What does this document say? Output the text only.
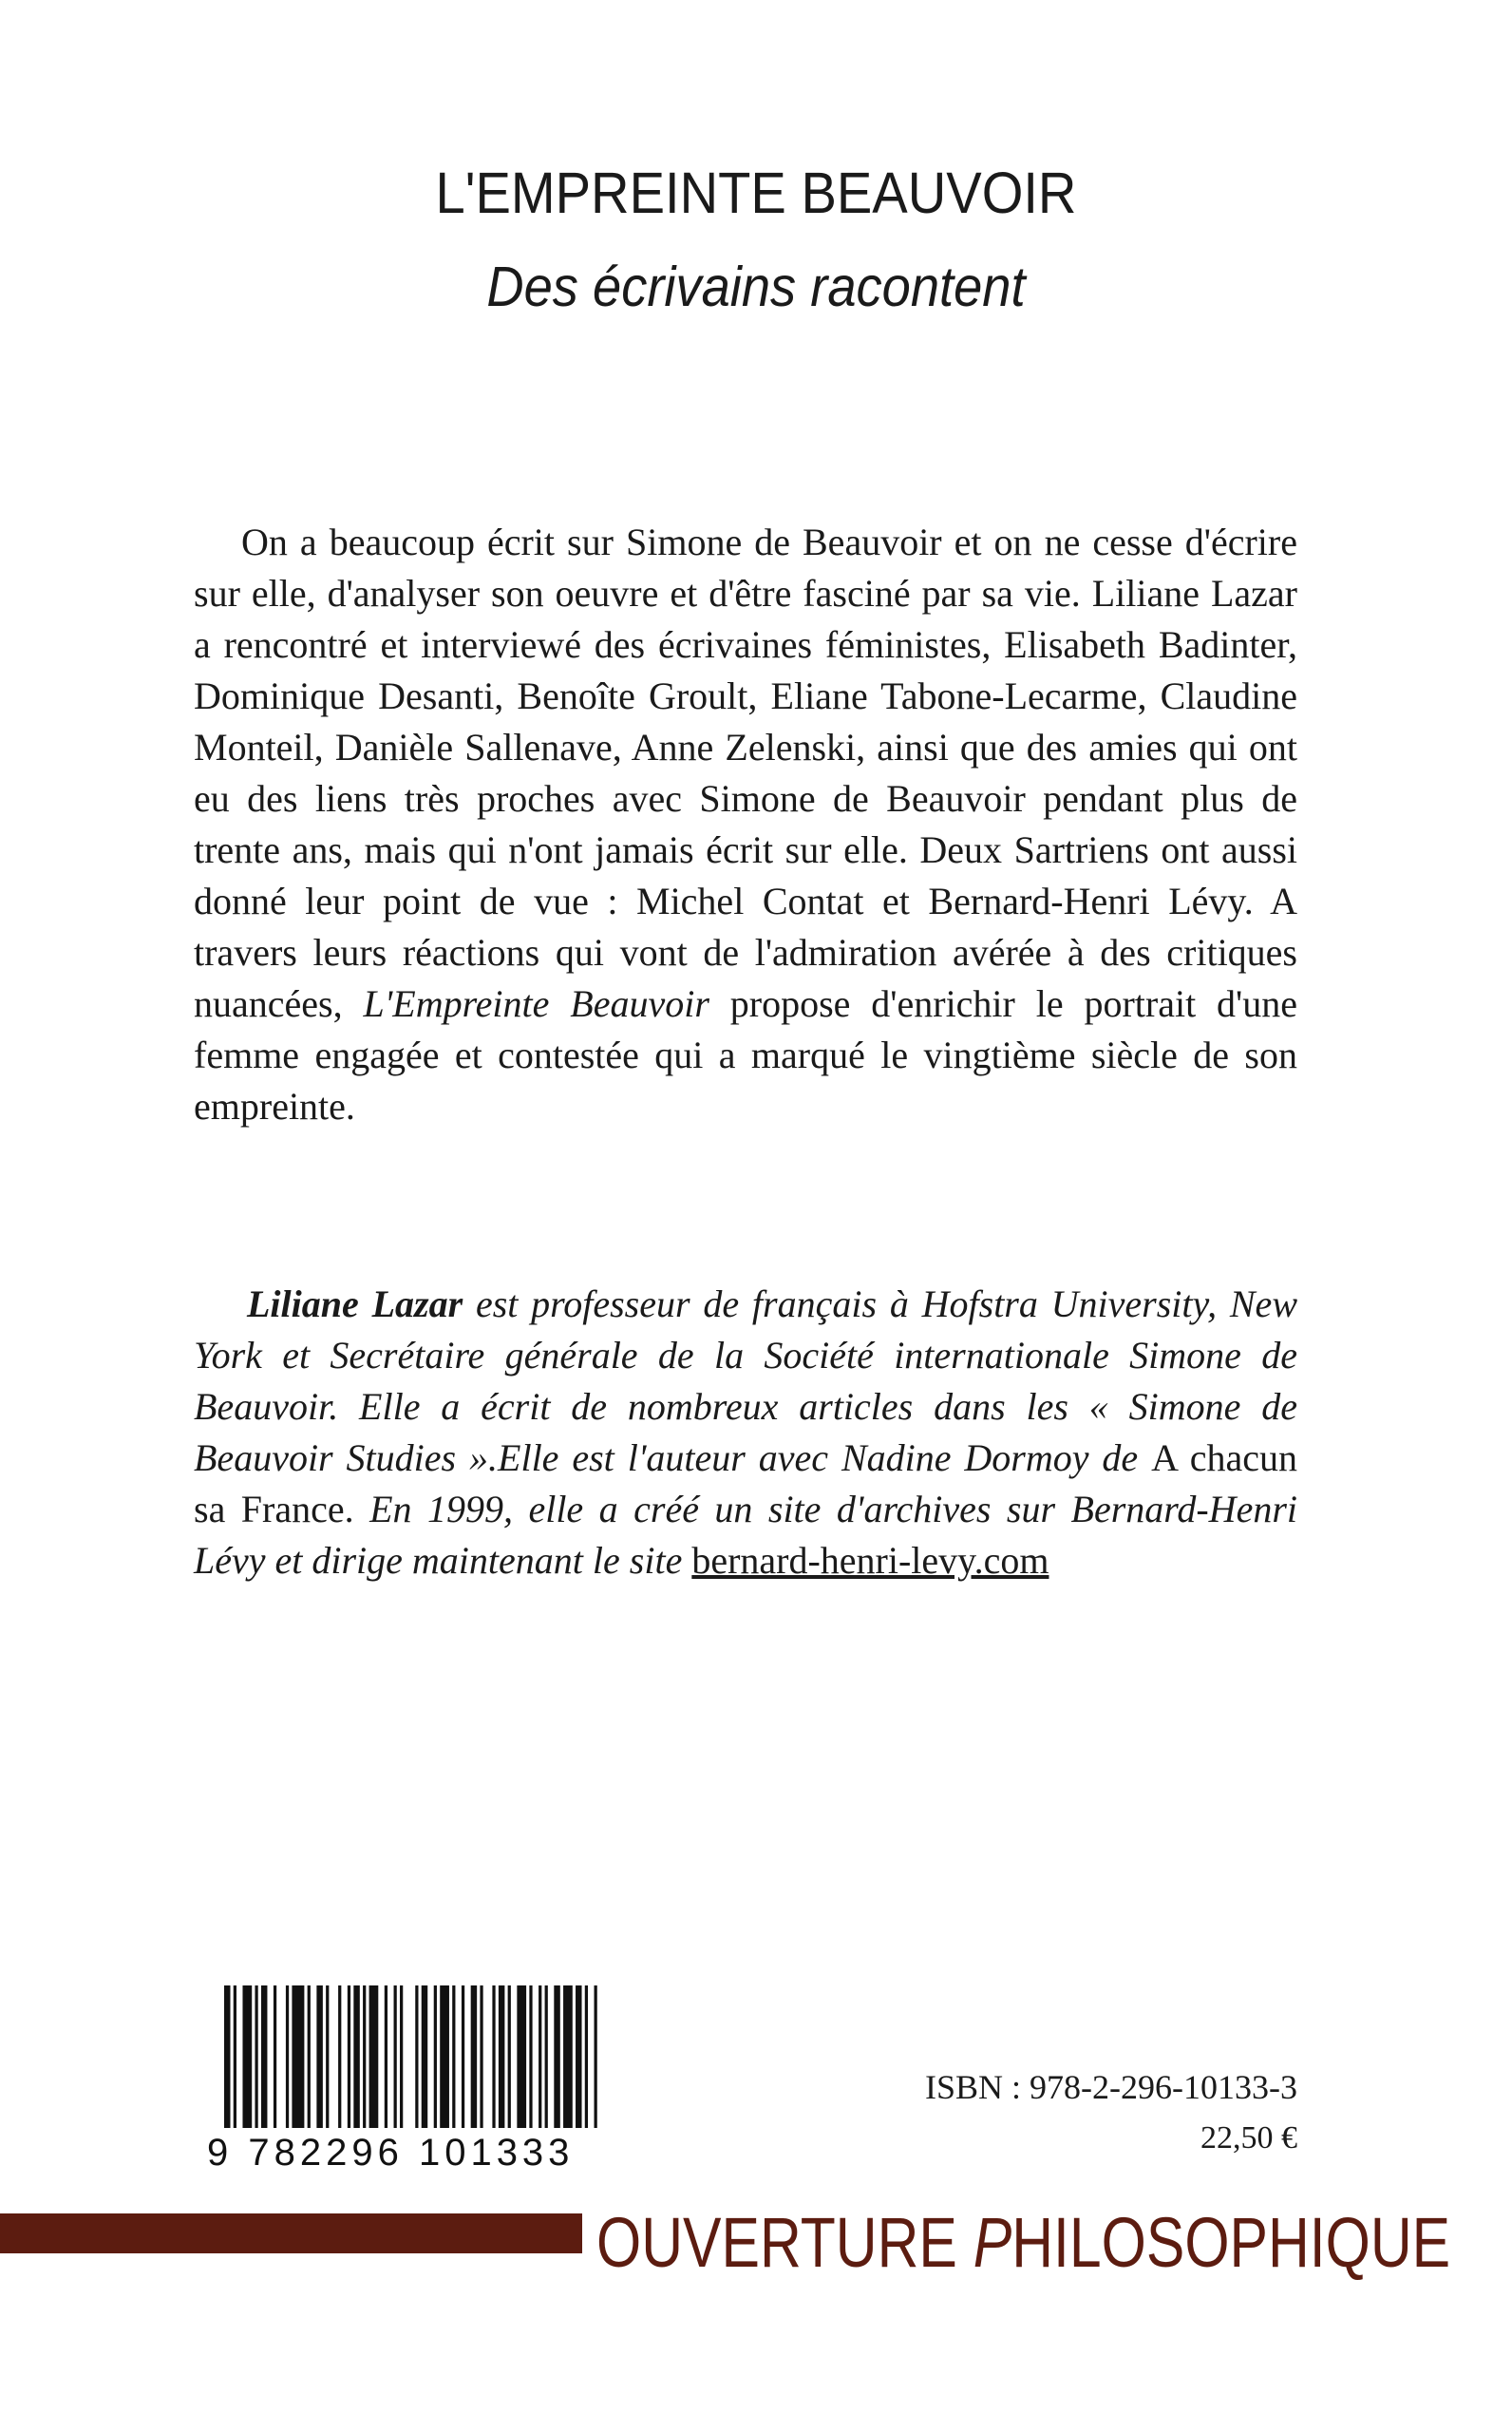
L'EMPREINTE BEAUVOIR
Des écrivains racontent

On a beaucoup écrit sur Simone de Beauvoir et on ne cesse d'écrire sur elle, d'analyser son oeuvre et d'être fasciné par sa vie. Liliane Lazar a rencontré et interviewé des écrivaines féministes, Elisabeth Badinter, Dominique Desanti, Benoîte Groult, Eliane Tabone-Lecarme, Claudine Monteil, Danièle Sallenave, Anne Zelenski, ainsi que des amies qui ont eu des liens très proches avec Simone de Beauvoir pendant plus de trente ans, mais qui n'ont jamais écrit sur elle. Deux Sartriens ont aussi donné leur point de vue : Michel Contat et Bernard-Henri Lévy. A travers leurs réactions qui vont de l'admiration avérée à des critiques nuancées, L'Empreinte Beauvoir propose d'enrichir le portrait d'une femme engagée et contestée qui a marqué le vingtième siècle de son empreinte.

Liliane Lazar est professeur de français à Hofstra University, New York et Secrétaire générale de la Société internationale Simone de Beauvoir. Elle a écrit de nombreux articles dans les « Simone de Beauvoir Studies ».Elle est l'auteur avec Nadine Dormoy de A chacun sa France. En 1999, elle a créé un site d'archives sur Bernard-Henri Lévy et dirige maintenant le site bernard-henri-levy.com

9 782296 101333
ISBN : 978-2-296-10133-3
22,50 €
OUVERTURE PHILOSOPHIQUE
